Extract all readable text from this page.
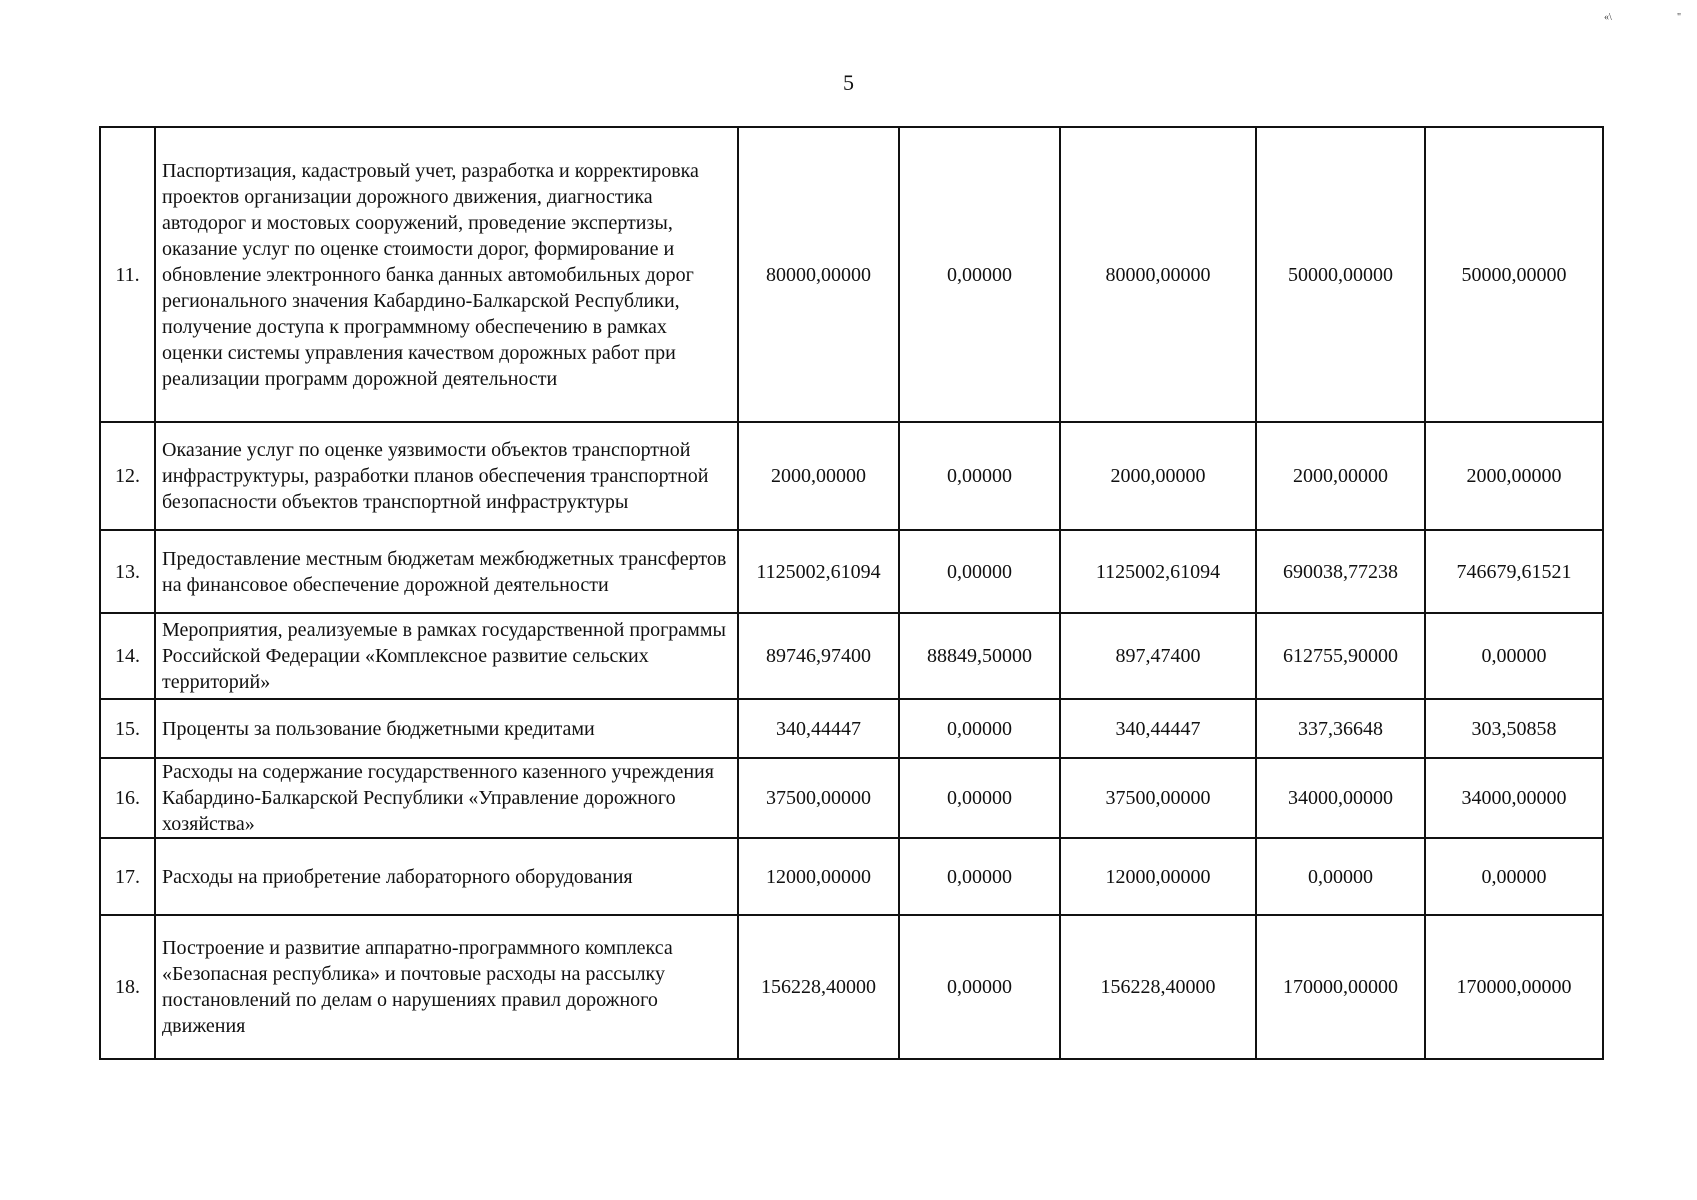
«\	"
5
11.	Паспортизация, кадастровый учет, разработка и корректировка проектов организации дорожного движения, диагностика автодорог и мостовых сооружений, проведение экспертизы, оказание услуг по оценке стоимости дорог, формирование и обновление электронного банка данных автомобильных дорог регионального значения Кабардино-Балкарской Республики, получение доступа к программному обеспечению в рамках оценки системы управления качеством дорожных работ при реализации программ дорожной деятельности	80000,00000	0,00000	80000,00000	50000,00000	50000,00000
12.	Оказание услуг по оценке уязвимости объектов транспортной инфраструктуры, разработки планов обеспечения транспортной безопасности объектов транспортной инфраструктуры	2000,00000	0,00000	2000,00000	2000,00000	2000,00000
13.	Предоставление местным бюджетам межбюджетных трансфертов на финансовое обеспечение дорожной деятельности	1125002,61094	0,00000	1125002,61094	690038,77238	746679,61521
14.	Мероприятия, реализуемые в рамках государственной программы Российской Федерации «Комплексное развитие сельских территорий»	89746,97400	88849,50000	897,47400	612755,90000	0,00000
15.	Проценты за пользование бюджетными кредитами	340,44447	0,00000	340,44447	337,36648	303,50858
16.	Расходы на содержание государственного казенного учреждения Кабардино-Балкарской Республики «Управление дорожного хозяйства»	37500,00000	0,00000	37500,00000	34000,00000	34000,00000
17.	Расходы на приобретение лабораторного оборудования	12000,00000	0,00000	12000,00000	0,00000	0,00000
18.	Построение и развитие аппаратно-программного комплекса «Безопасная республика» и почтовые расходы на рассылку постановлений по делам о нарушениях правил дорожного движения	156228,40000	0,00000	156228,40000	170000,00000	170000,00000
